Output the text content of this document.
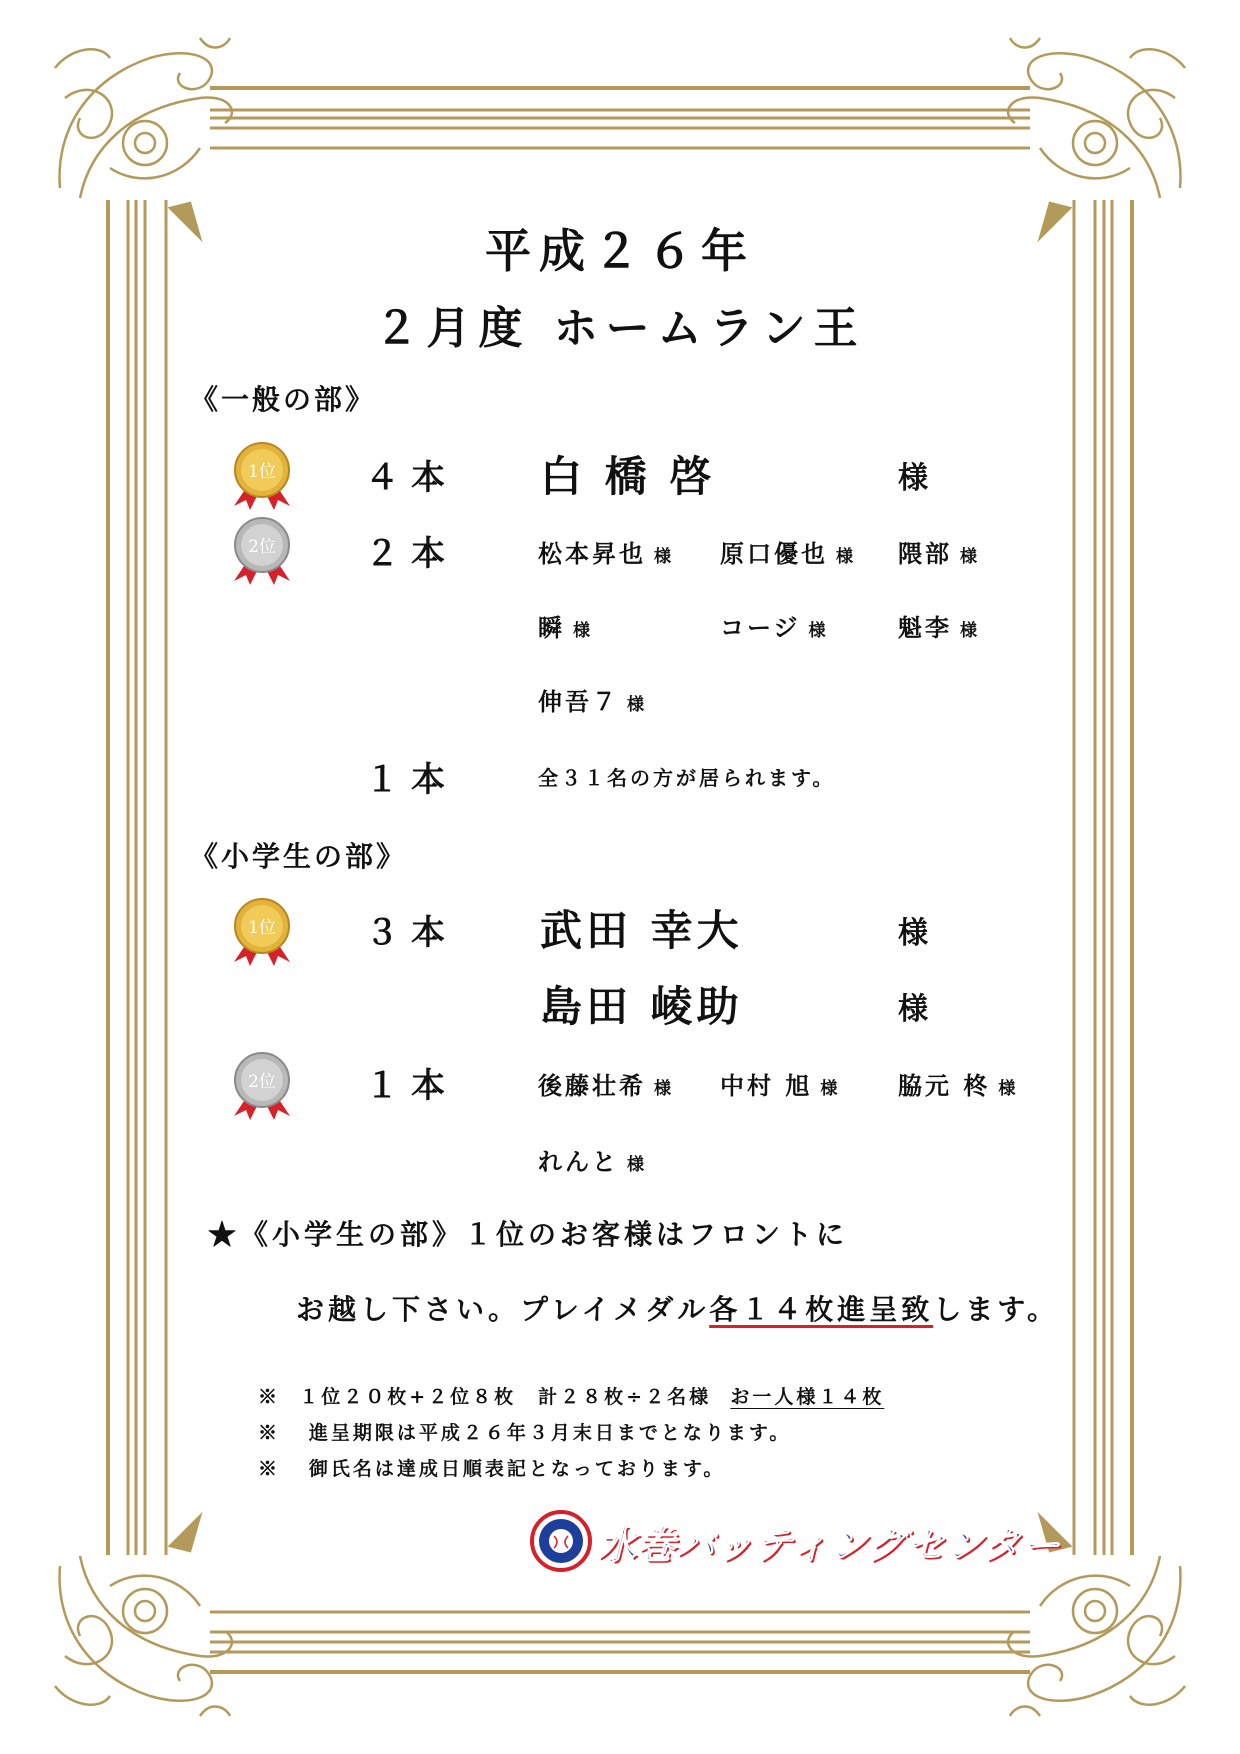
平成２６年
２月度 ホームラン王
《一般の部》
1位	４本 白 橋 啓	様
2位	２本	松本昇也 様 原口優也 様 隈部 様
瞬 様	コージ 様	魁李 様
伸吾７ 様
１本	全３１名の方が居られます。
《小学生の部》
1位	３本 武田 幸大	様
島田 崚助	様
2位	１本	後藤壮希 様 中村 旭 様 脇元 柊 様
れんと 様
★《小学生の部》１位のお客様はフロントに
お越し下さい。プレイメダル各１４枚進呈致します。
※ １位２０枚+２位８枚　計２８枚÷２名様 お一人様１４枚
※ 進呈期限は平成２６年３月末日までとなります。
※ 御氏名は達成日順表記となっております。
水巻バッティングセンター
